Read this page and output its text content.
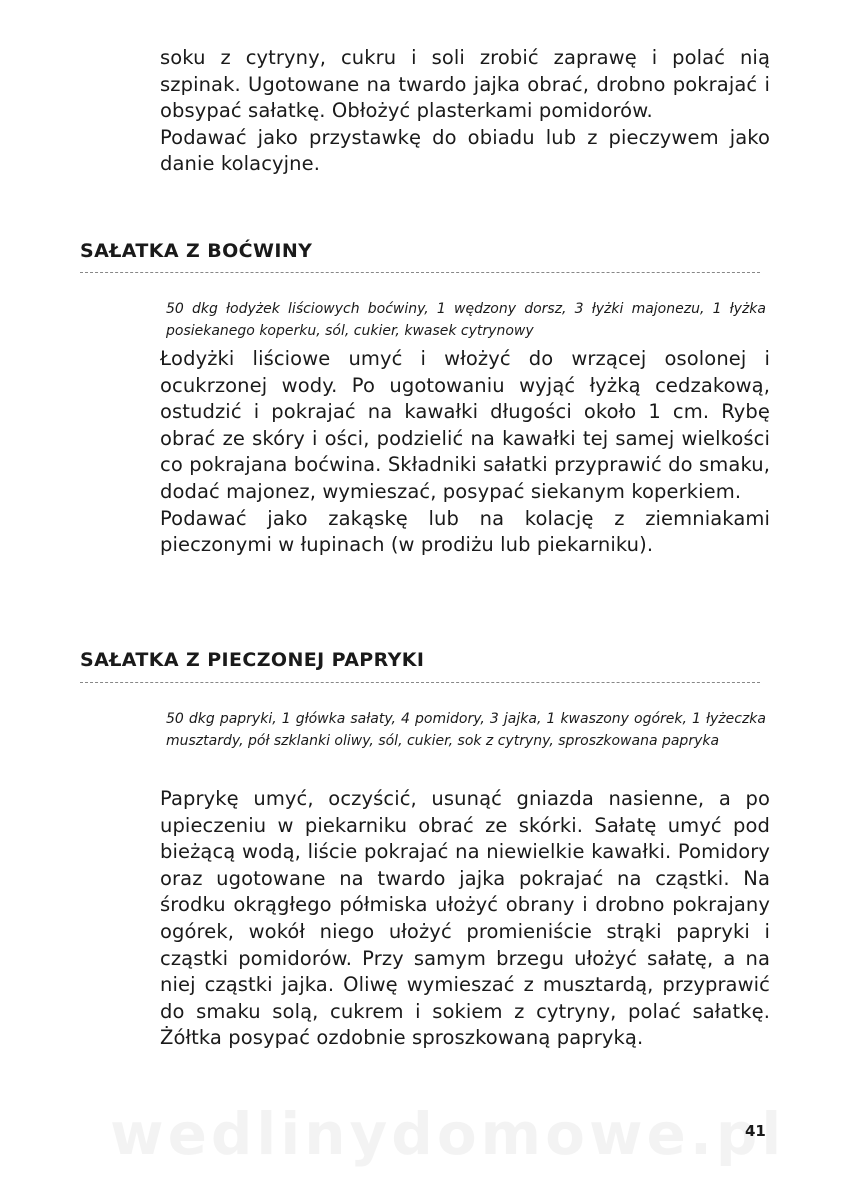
soku z cytryny, cukru i soli zrobić zaprawę i polać nią szpinak. Ugotowane na twardo jajka obrać, drobno pokrajać i obsypać sałatkę. Obłożyć plasterkami pomidorów.

Podawać jako przystawkę do obiadu lub z pieczywem jako danie kolacyjne.

SAŁATKA Z BOĆWINY

50 dkg łodyżek liściowych boćwiny, 1 wędzony dorsz, 3 łyżki majonezu, 1 łyżka posiekanego koperku, sól, cukier, kwasek cytrynowy

Łodyżki liściowe umyć i włożyć do wrzącej osolonej i ocukrzonej wody. Po ugotowaniu wyjąć łyżką cedzakową, ostudzić i pokrajać na kawałki długości około 1 cm. Rybę obrać ze skóry i ości, podzielić na kawałki tej samej wielkości co pokrajana boćwina. Składniki sałatki przyprawić do smaku, dodać majonez, wymieszać, posypać siekanym koperkiem.

Podawać jako zakąskę lub na kolację z ziemniakami pieczonymi w łupinach (w prodiżu lub piekarniku).

SAŁATKA Z PIECZONEJ PAPRYKI

50 dkg papryki, 1 główka sałaty, 4 pomidory, 3 jajka, 1 kwaszony ogórek, 1 łyżeczka musztardy, pół szklanki oliwy, sól, cukier, sok z cytryny, sproszkowana papryka

Paprykę umyć, oczyścić, usunąć gniazda nasienne, a po upieczeniu w piekarniku obrać ze skórki. Sałatę umyć pod bieżącą wodą, liście pokrajać na niewielkie kawałki. Pomidory oraz ugotowane na twardo jajka pokrajać na cząstki. Na środku okrągłego półmiska ułożyć obrany i drobno pokrajany ogórek, wokół niego ułożyć promieniście strąki papryki i cząstki pomidorów. Przy samym brzegu ułożyć sałatę, a na niej cząstki jajka. Oliwę wymieszać z musztardą, przyprawić do smaku solą, cukrem i sokiem z cytryny, polać sałatkę. Żółtka posypać ozdobnie sproszkowaną papryką.

41
